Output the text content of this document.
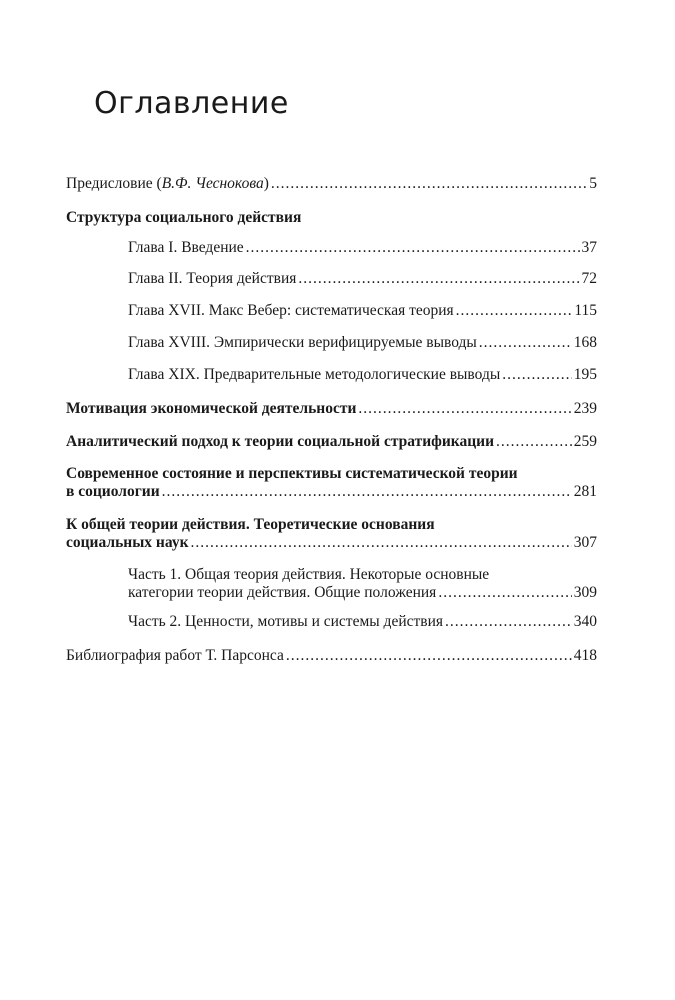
Оглавление
Предисловие (В.Ф. Чеснокова) .....	5
Структура социального действия
Глава I. Введение .....	37
Глава II. Теория действия .....	72
Глава XVII. Макс Вебер: систематическая теория .....	115
Глава XVIII. Эмпирически верифицируемые выводы .....	168
Глава XIX. Предварительные методологические выводы .....	195
Мотивация экономической деятельности .....	239
Аналитический подход к теории социальной стратификации .....	259
Современное состояние и перспективы систематической теории
в социологии .....	281
К общей теории действия. Теоретические основания
социальных наук .....	307
Часть 1. Общая теория действия. Некоторые основные
категории теории действия. Общие положения .....	309
Часть 2. Ценности, мотивы и системы действия .....	340
Библиография работ Т. Парсонса .....	418
